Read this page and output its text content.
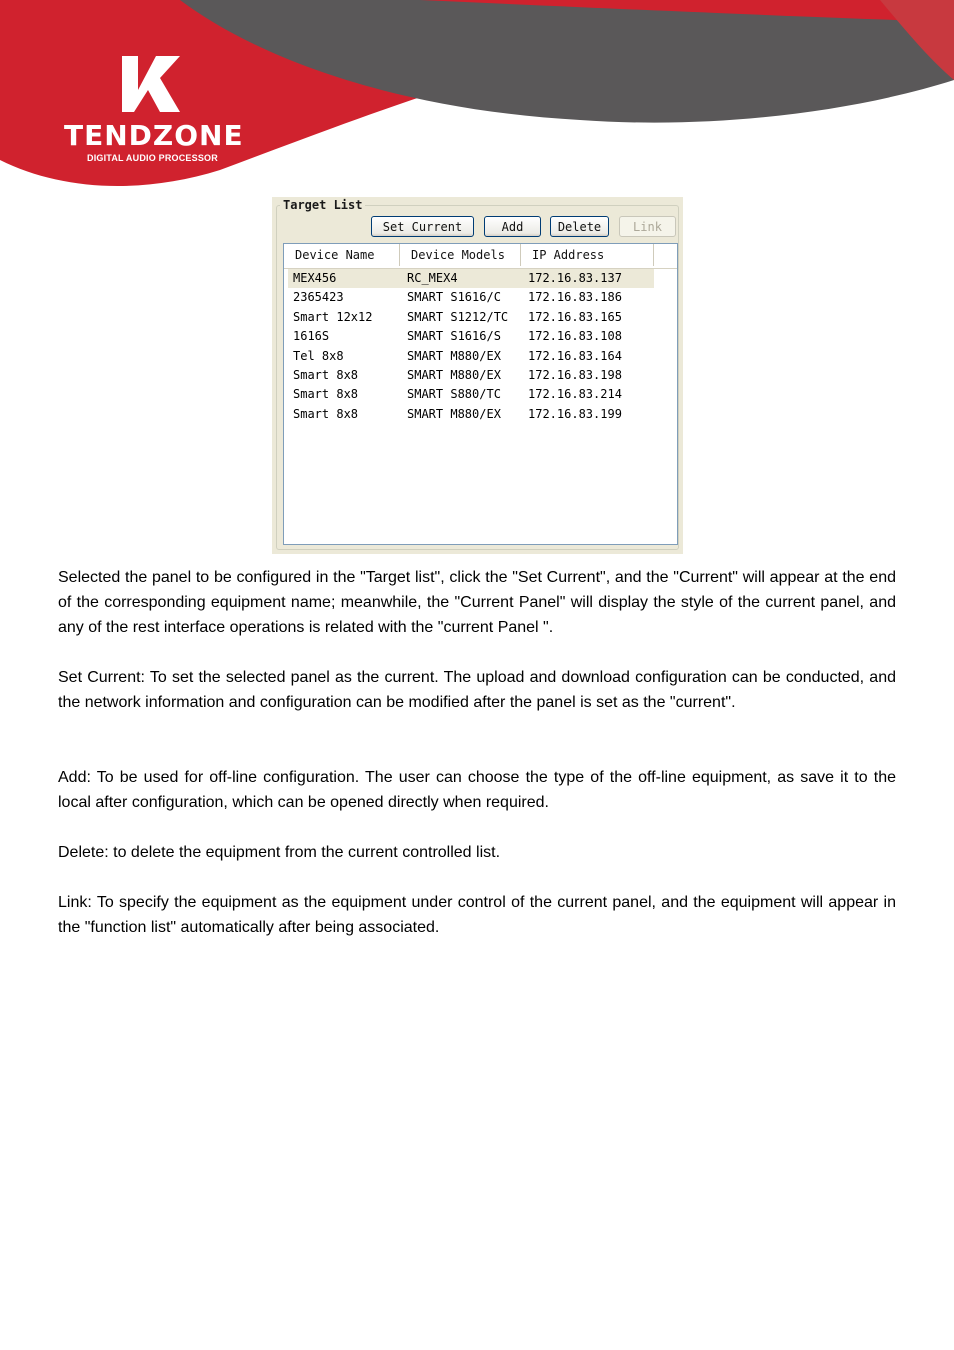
TENDZONE
DIGITAL AUDIO PROCESSOR
Target List
Set Current	Add	Delete	Link
Device Name	Device Models	IP Address
MEX456	RC_MEX4	172.16.83.137
2365423	SMART S1616/C 172.16.83.186
Smart 12x12	SMART S1212/TC 172.16.83.165
1616S	SMART S1616/S 172.16.83.108
Tel 8x8	SMART M880/EX 172.16.83.164
Smart 8x8	SMART M880/EX 172.16.83.198
Smart 8x8	SMART S880/TC 172.16.83.214
Smart 8x8	SMART M880/EX 172.16.83.199

Selected the panel to be configured in the "Target list", click the "Set Current", and the "Current" will appear at the end of the corresponding equipment name; meanwhile, the "Current Panel" will display the style of the current panel, and any of the rest interface operations is related with the "current Panel ".

Set Current: To set the selected panel as the current. The upload and download configuration can be conducted, and the network information and configuration can be modified after the panel is set as the "current".

Add: To be used for off-line configuration. The user can choose the type of the off-line equipment, as save it to the local after configuration, which can be opened directly when required.

Delete: to delete the equipment from the current controlled list.

Link: To specify the equipment as the equipment under control of the current panel, and the equipment will appear in the "function list" automatically after being associated.
